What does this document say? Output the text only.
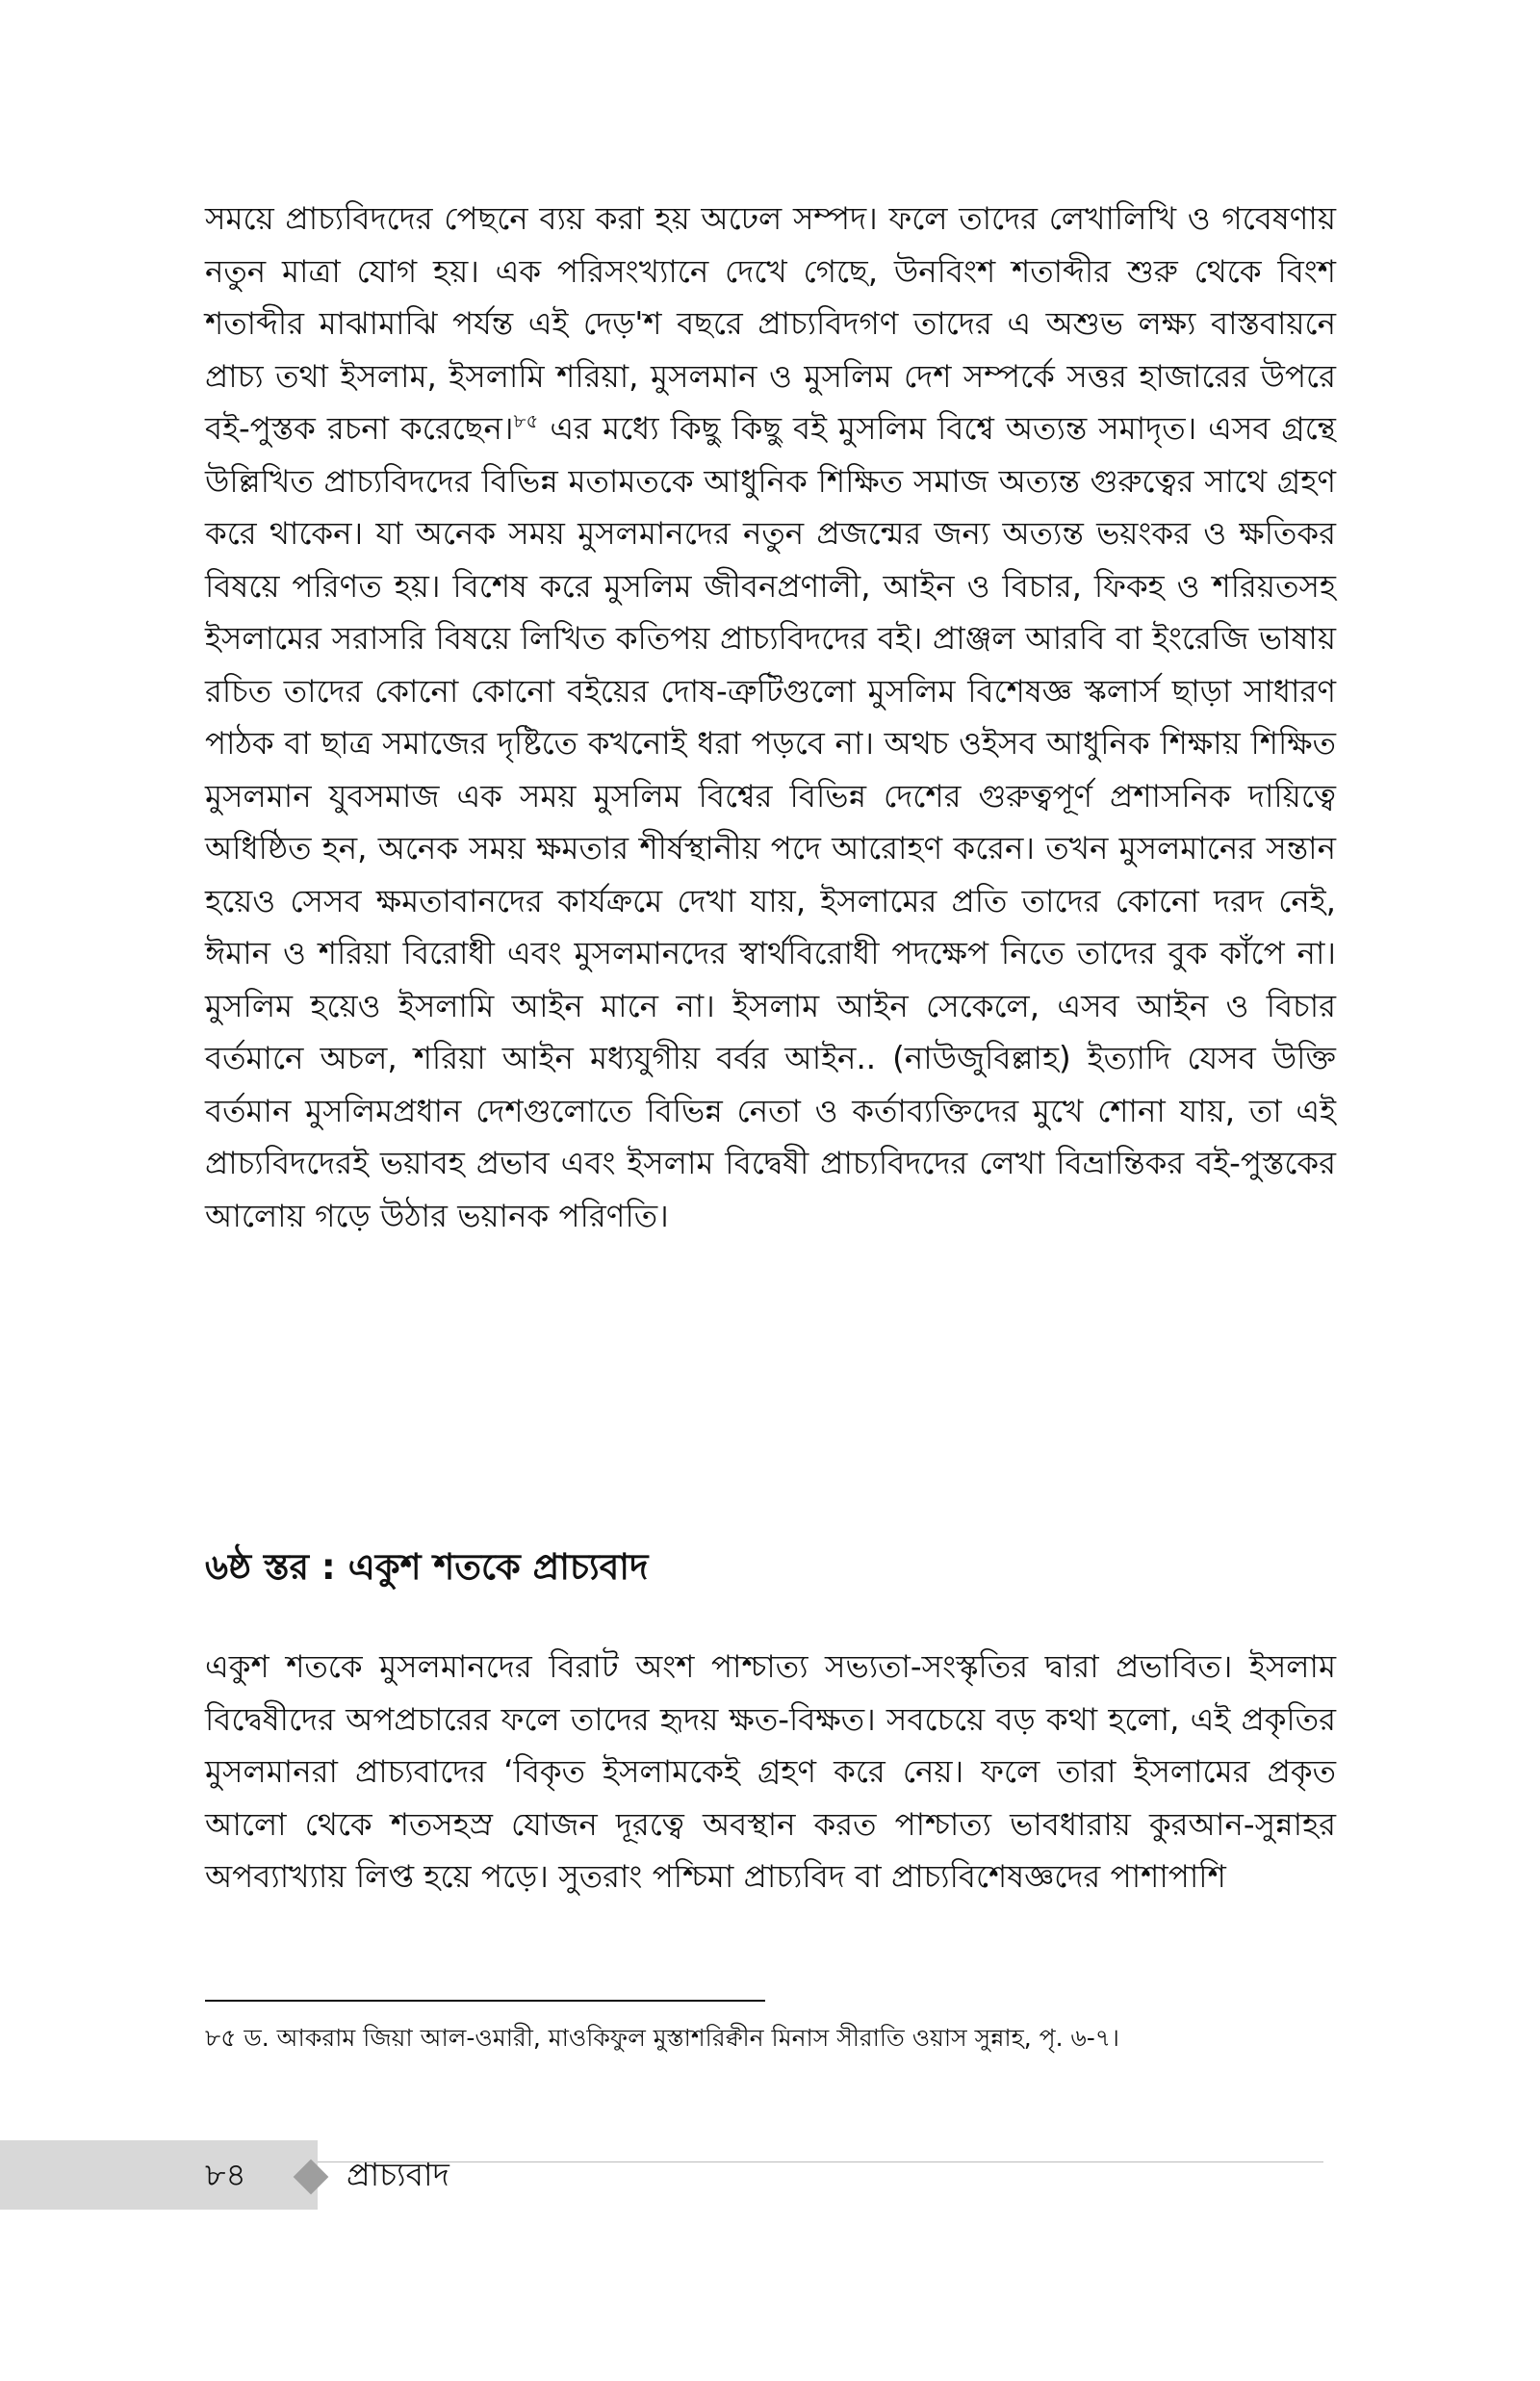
সময়ে প্রাচ্যবিদদের পেছনে ব্যয় করা হয় অঢেল সম্পদ। ফলে তাদের লেখালিখি ও গবেষণায় নতুন মাত্রা যোগ হয়। এক পরিসংখ্যানে দেখে গেছে, উনবিংশ শতাব্দীর শুরু থেকে বিংশ শতাব্দীর মাঝামাঝি পর্যন্ত এই দেড়'শ বছরে প্রাচ্যবিদগণ তাদের এ অশুভ লক্ষ্য বাস্তবায়নে প্রাচ্য তথা ইসলাম, ইসলামি শরিয়া, মুসলমান ও মুসলিম দেশ সম্পর্কে সত্তর হাজারের উপরে বই-পুস্তক রচনা করেছেন।$^{৮৫}$ এর মধ্যে কিছু কিছু বই মুসলিম বিশ্বে অত্যন্ত সমাদৃত। এসব গ্রন্থে উল্লিখিত প্রাচ্যবিদদের বিভিন্ন মতামতকে আধুনিক শিক্ষিত সমাজ অত্যন্ত গুরুত্বের সাথে গ্রহণ করে থাকেন। যা অনেক সময় মুসলমানদের নতুন প্রজন্মের জন্য অত্যন্ত ভয়ংকর ও ক্ষতিকর বিষয়ে পরিণত হয়। বিশেষ করে মুসলিম জীবনপ্রণালী, আইন ও বিচার, ফিকহ ও শরিয়তসহ ইসলামের সরাসরি বিষয়ে লিখিত কতিপয় প্রাচ্যবিদদের বই। প্রাঞ্জল আরবি বা ইংরেজি ভাষায় রচিত তাদের কোনো কোনো বইয়ের দোষ-ত্রুটিগুলো মুসলিম বিশেষজ্ঞ স্কলার্স ছাড়া সাধারণ পাঠক বা ছাত্র সমাজের দৃষ্টিতে কখনোই ধরা পড়বে না। অথচ ওইসব আধুনিক শিক্ষায় শিক্ষিত মুসলমান যুবসমাজ এক সময় মুসলিম বিশ্বের বিভিন্ন দেশের গুরুত্বপূর্ণ প্রশাসনিক দায়িত্বে অধিষ্ঠিত হন, অনেক সময় ক্ষমতার শীর্ষস্থানীয় পদে আরোহণ করেন। তখন মুসলমানের সন্তান হয়েও সেসব ক্ষমতাবানদের কার্যক্রমে দেখা যায়, ইসলামের প্রতি তাদের কোনো দরদ নেই, ঈমান ও শরিয়া বিরোধী এবং মুসলমানদের স্বার্থবিরোধী পদক্ষেপ নিতে তাদের বুক কাঁপে না। মুসলিম হয়েও ইসলামি আইন মানে না। ইসলাম আইন সেকেলে, এসব আইন ও বিচার বর্তমানে অচল, শরিয়া আইন মধ্যযুগীয় বর্বর আইন.. (নাউজুবিল্লাহ) ইত্যাদি যেসব উক্তি বর্তমান মুসলিমপ্রধান দেশগুলোতে বিভিন্ন নেতা ও কর্তাব্যক্তিদের মুখে শোনা যায়, তা এই প্রাচ্যবিদদেরই ভয়াবহ প্রভাব এবং ইসলাম বিদ্বেষী প্রাচ্যবিদদের লেখা বিভ্রান্তিকর বই-পুস্তকের আলোয় গড়ে উঠার ভয়ানক পরিণতি।

৬ষ্ঠ স্তর : একুশ শতকে প্রাচ্যবাদ

একুশ শতকে মুসলমানদের বিরাট অংশ পাশ্চাত্য সভ্যতা-সংস্কৃতির দ্বারা প্রভাবিত। ইসলাম বিদ্বেষীদের অপপ্রচারের ফলে তাদের হৃদয় ক্ষত-বিক্ষত। সবচেয়ে বড় কথা হলো, এই প্রকৃতির মুসলমানরা প্রাচ্যবাদের ‘বিকৃত ইসলামকেই গ্রহণ করে নেয়। ফলে তারা ইসলামের প্রকৃত আলো থেকে শতসহস্র যোজন দূরত্বে অবস্থান করত পাশ্চাত্য ভাবধারায় কুরআন-সুন্নাহর অপব্যাখ্যায় লিপ্ত হয়ে পড়ে। সুতরাং পশ্চিমা প্রাচ্যবিদ বা প্রাচ্যবিশেষজ্ঞদের পাশাপাশি

৮৫ ড. আকরাম জিয়া আল-ওমারী, মাওকিফুল মুস্তাশরিক্বীন মিনাস সীরাতি ওয়াস সুন্নাহ, পৃ. ৬-৭।

৮৪	প্রাচ্যবাদ
